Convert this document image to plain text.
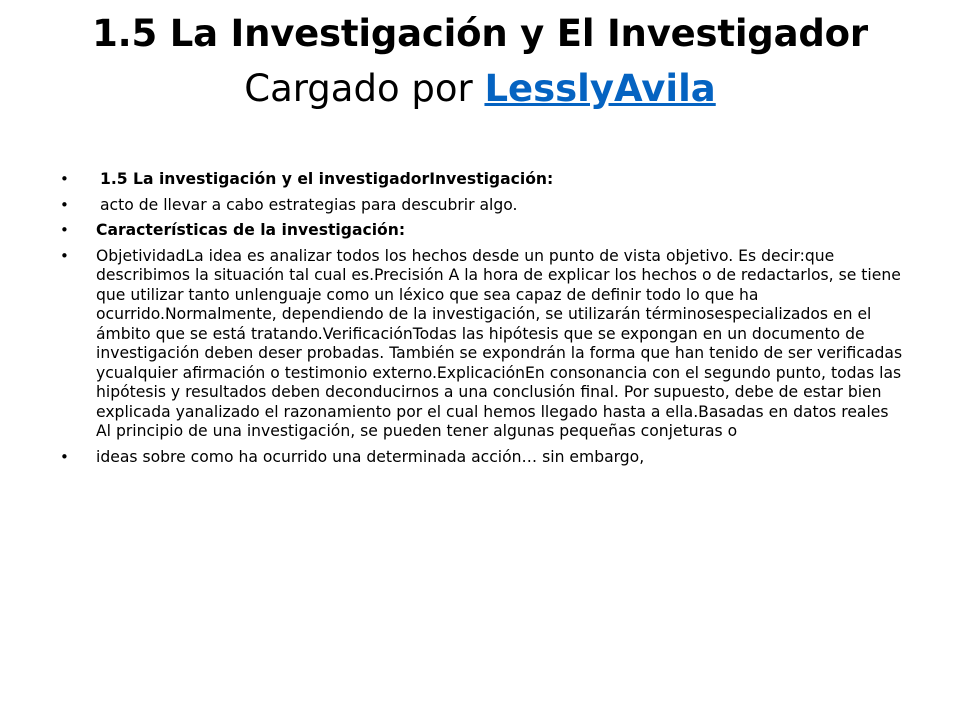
1.5 La Investigación y El Investigador
Cargado por LesslyAvila
• 1.5 La investigación y el investigadorInvestigación:
• acto de llevar a cabo estrategias para descubrir algo.
• Características de la investigación:
• ObjetividadLa idea es analizar todos los hechos desde un punto de vista objetivo. Es decir:que describimos la situación tal cual es.Precisión A la hora de explicar los hechos o de redactarlos, se tiene que utilizar tanto unlenguaje como un léxico que sea capaz de definir todo lo que ha ocurrido.Normalmente, dependiendo de la investigación, se utilizarán términosespecializados en el ámbito que se está tratando.VerificaciónTodas las hipótesis que se expongan en un documento de investigación deben deser probadas. También se expondrán la forma que han tenido de ser verificadas ycualquier afirmación o testimonio externo.ExplicaciónEn consonancia con el segundo punto, todas las hipótesis y resultados deben deconducirnos a una conclusión final. Por supuesto, debe de estar bien explicada yanalizado el razonamiento por el cual hemos llegado hasta a ella.Basadas en datos reales Al principio de una investigación, se pueden tener algunas pequeñas conjeturas o
• ideas sobre como ha ocurrido una determinada acción… sin embargo,
